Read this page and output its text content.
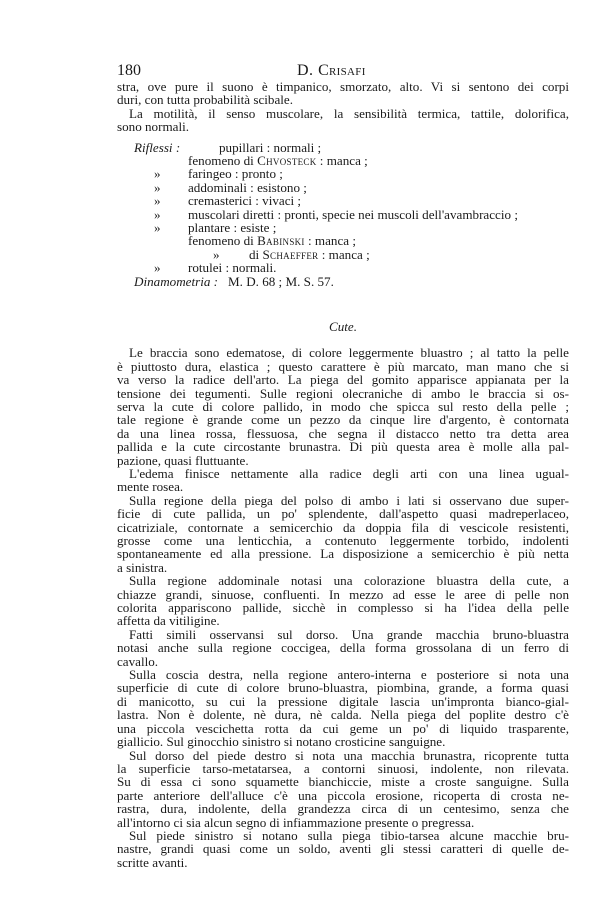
180	D. Crisafi

stra, ove pure il suono è timpanico, smorzato, alto. Vi si sentono dei corpi

duri, con tutta probabilità scibale.

La motilità, il senso muscolare, la sensibilità termica, tattile, dolorifica,

sono normali.

Riflessi :	pupillari : normali ;
fenomeno di Chvosteck : manca ;
» faringeo : pronto ;
» addominali : esistono ;
» cremasterici : vivaci ;
» muscolari diretti : pronti, specie nei muscoli dell'avambraccio ;
» plantare : esiste ;
fenomeno di Babinski : manca ;
» di Schaeffer : manca ;
» rotulei : normali.
Dinamometria : M. D. 68 ; M. S. 57.
Cute.

Le braccia sono edematose, di colore leggermente bluastro ; al tatto la pelle

è piuttosto dura, elastica ; questo carattere è più marcato, man mano che si

va verso la radice dell'arto. La piega del gomito apparisce appianata per la

tensione dei tegumenti. Sulle regioni olecraniche di ambo le braccia si os-

serva la cute di colore pallido, in modo che spicca sul resto della pelle ;

tale regione è grande come un pezzo da cinque lire d'argento, è contornata

da una linea rossa, flessuosa, che segna il distacco netto tra detta area

pallida e la cute circostante brunastra. Di più questa area è molle alla pal-

pazione, quasi fluttuante.

L'edema finisce nettamente alla radice degli arti con una linea ugual-

mente rosea.

Sulla regione della piega del polso di ambo i lati si osservano due super-

ficie di cute pallida, un po' splendente, dall'aspetto quasi madreperlaceo,

cicatriziale, contornate a semicerchio da doppia fila di vescicole resistenti,

grosse come una lenticchia, a contenuto leggermente torbido, indolenti

spontaneamente ed alla pressione. La disposizione a semicerchio è più netta

a sinistra.

Sulla regione addominale notasi una colorazione bluastra della cute, a

chiazze grandi, sinuose, confluenti. In mezzo ad esse le aree di pelle non

colorita appariscono pallide, sicchè in complesso si ha l'idea della pelle

affetta da vitiligine.

Fatti simili osservansi sul dorso. Una grande macchia bruno-bluastra

notasi anche sulla regione coccigea, della forma grossolana di un ferro di

cavallo.

Sulla coscia destra, nella regione antero-interna e posteriore si nota una

superficie di cute di colore bruno-bluastra, piombina, grande, a forma quasi

di manicotto, su cui la pressione digitale lascia un'impronta bianco-gial-

lastra. Non è dolente, nè dura, nè calda. Nella piega del poplite destro c'è

una piccola vescichetta rotta da cui geme un po' di liquido trasparente,

giallicio. Sul ginocchio sinistro si notano crosticine sanguigne.

Sul dorso del piede destro si nota una macchia brunastra, ricoprente tutta

la superficie tarso-metatarsea, a contorni sinuosi, indolente, non rilevata.

Su di essa ci sono squamette bianchiccie, miste a croste sanguigne. Sulla

parte anteriore dell'alluce c'è una piccola erosione, ricoperta di crosta ne-

rastra, dura, indolente, della grandezza circa di un centesimo, senza che

all'intorno ci sia alcun segno di infiammazione presente o pregressa.

Sul piede sinistro si notano sulla piega tibio-tarsea alcune macchie bru-

nastre, grandi quasi come un soldo, aventi gli stessi caratteri di quelle de-

scritte avanti.
